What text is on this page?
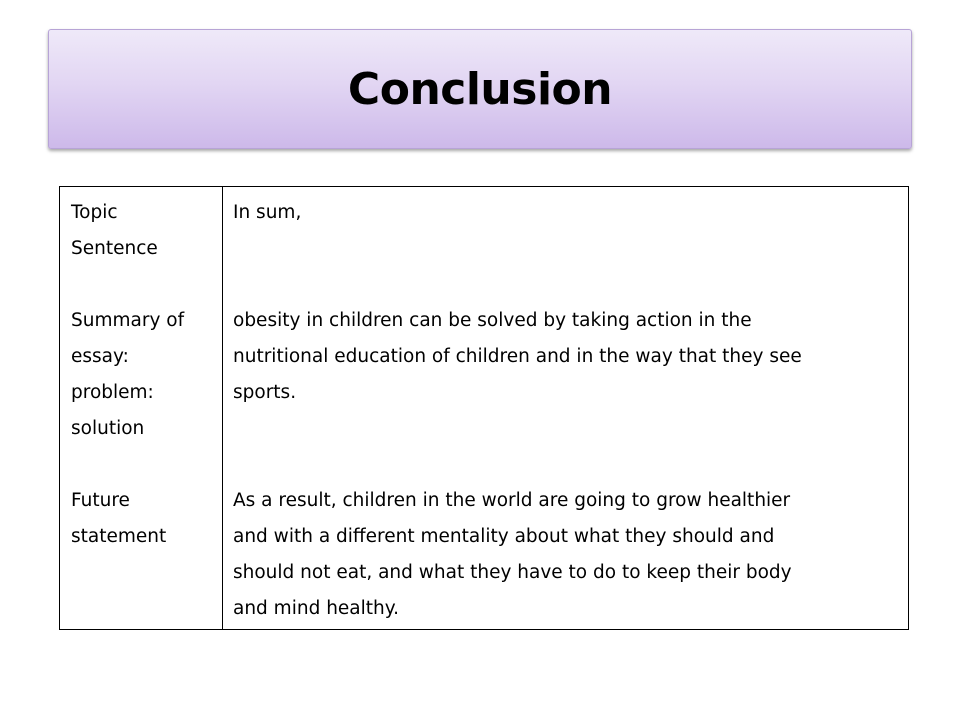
Conclusion

Topic
Sentence

Summary of
essay:
problem:
solution

Future
statement

In sum,

obesity in children can be solved by taking action in the
nutritional education of children and in the way that they see
sports.

As a result, children in the world are going to grow healthier
and with a different mentality about what they should and
should not eat, and what they have to do to keep their body
and mind healthy.
